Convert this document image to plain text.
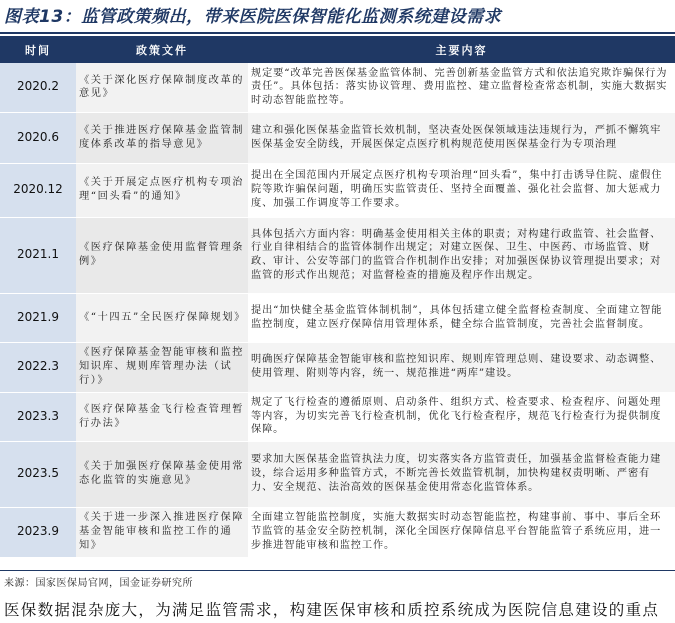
图表13：监管政策频出，带来医院医保智能化监测系统建设需求
时间	政策文件	主要内容
2020.2	《关于深化医疗保障制度改革的意见》	规定要“改革完善医保基金监管体制、完善创新基金监管方式和依法追究欺诈骗保行为责任”。具体包括：落实协议管理、费用监控、建立监督检查常态机制，实施大数据实时动态智能监控等。
2020.6	《关于推进医疗保障基金监管制度体系改革的指导意见》	建立和强化医保基金监管长效机制，坚决查处医保领域违法违规行为，严抓不懈筑牢医保基金安全防线，开展医保定点医疗机构规范使用医保基金行为专项治理
2020.12	《关于开展定点医疗机构专项治理“回头看”的通知》	提出在全国范围内开展定点医疗机构专项治理“回头看”，集中打击诱导住院、虚假住院等欺诈骗保问题，明确压实监管责任、坚持全面覆盖、强化社会监督、加大惩戒力度、加强工作调度等工作要求。
2021.1	《医疗保障基金使用监督管理条例》	具体包括六方面内容：明确基金使用相关主体的职责；对构建行政监管、社会监督、行业自律相结合的监管体制作出规定；对建立医保、卫生、中医药、市场监管、财政、审计、公安等部门的监管合作机制作出安排；对加强医保协议管理提出要求；对监管的形式作出规范；对监督检查的措施及程序作出规定。
2021.9	《“十四五”全民医疗保障规划》	提出“加快健全基金监管体制机制”，具体包括建立健全监督检查制度、全面建立智能监控制度，建立医疗保障信用管理体系，健全综合监管制度，完善社会监督制度。
2022.3	《医疗保障基金智能审核和监控知识库、规则库管理办法（试行）》	明确医疗保障基金智能审核和监控知识库、规则库管理总则、建设要求、动态调整、使用管理、附则等内容，统一、规范推进“两库”建设。
2023.3	《医疗保障基金飞行检查管理暂行办法》	规定了飞行检查的遵循原则、启动条件、组织方式、检查要求、检查程序、问题处理等内容，为切实完善飞行检查机制，优化飞行检查程序，规范飞行检查行为提供制度保障。
2023.5	《关于加强医疗保障基金使用常态化监管的实施意见》	要求加大医保基金监管执法力度，切实落实各方监管责任，加强基金监督检查能力建设，综合运用多种监管方式，不断完善长效监管机制，加快构建权责明晰、严密有力、安全规范、法治高效的医保基金使用常态化监管体系。
2023.9	《关于进一步深入推进医疗保障基金智能审核和监控工作的通知》	全面建立智能监控制度，实施大数据实时动态智能监控，构建事前、事中、事后全环节监管的基金安全防控机制，深化全国医疗保障信息平台智能监管子系统应用，进一步推进智能审核和监控工作。
来源：国家医保局官网，国金证券研究所
医保数据混杂庞大，为满足监管需求，构建医保审核和质控系统成为医院信息建设的重点
